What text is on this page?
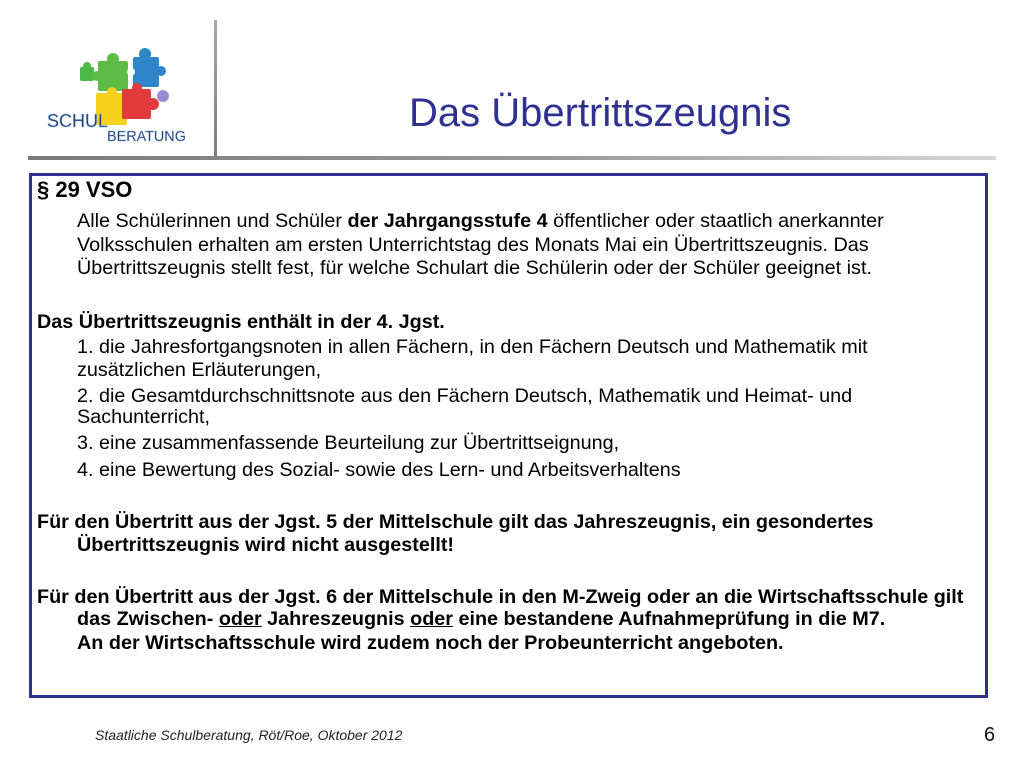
SCHUL
BERATUNG
Das Übertrittszeugnis
§ 29 VSO
Alle Schülerinnen und Schüler der Jahrgangsstufe 4 öffentlicher oder staatlich anerkannter
Volksschulen erhalten am ersten Unterrichtstag des Monats Mai ein Übertrittszeugnis. Das
Übertrittszeugnis stellt fest, für welche Schulart die Schülerin oder der Schüler geeignet ist.
Das Übertrittszeugnis enthält in der 4. Jgst.
1. die Jahresfortgangsnoten in allen Fächern, in den Fächern Deutsch und Mathematik mit
zusätzlichen Erläuterungen,
2. die Gesamtdurchschnittsnote aus den Fächern Deutsch, Mathematik und Heimat- und
Sachunterricht,
3. eine zusammenfassende Beurteilung zur Übertrittseignung,
4. eine Bewertung des Sozial- sowie des Lern- und Arbeitsverhaltens
Für den Übertritt aus der Jgst. 5 der Mittelschule gilt das Jahreszeugnis, ein gesondertes
Übertrittszeugnis wird nicht ausgestellt!
Für den Übertritt aus der Jgst. 6 der Mittelschule in den M-Zweig oder an die Wirtschaftsschule gilt
das Zwischen- oder Jahreszeugnis oder eine bestandene Aufnahmeprüfung in die M7.
An der Wirtschaftsschule wird zudem noch der Probeunterricht angeboten.
Staatliche Schulberatung, Röt/Roe, Oktober 2012	6
